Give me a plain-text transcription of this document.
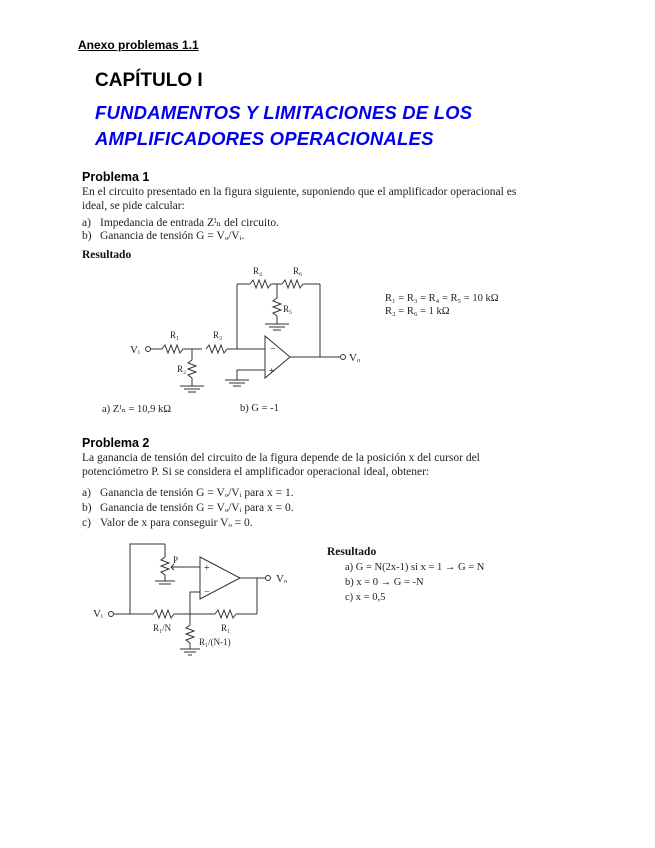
Anexo problemas 1.1
CAPÍTULO I
FUNDAMENTOS Y LIMITACIONES DE LOS
AMPLIFICADORES OPERACIONALES
Problema 1
En el circuito presentado en la figura siguiente, suponiendo que el amplificador operacional es ideal, se pide calcular:
a) Impedancia de entrada Zᴵₙ del circuito.
b) Ganancia de tensión G = Vₒ/Vᵢ.
Resultado
Vᵢ
R₁
R₂
R₃
−
+
Vₒ
R₄	R₆
R₅
R₁ = R₃ = R₄ = R₅ = 10 kΩ
R₂ = R₆ = 1 kΩ
a) Zᴵₙ = 10,9 kΩ	b) G = -1
Problema 2
La ganancia de tensión del circuito de la figura depende de la posición x del cursor del potenciómetro P. Si se considera el amplificador operacional ideal, obtener:
a) Ganancia de tensión G = Vₒ/Vᵢ para x = 1.
b) Ganancia de tensión G = Vₒ/Vᵢ para x = 0.
c) Valor de x para conseguir Vₒ = 0.
Vᵢ
P
+
−
Vₒ
R₁/N	R₁
R₁/(N-1)
Resultado
a) G = N(2x-1) si x = 1 → G = N
b) x = 0 → G = -N
c) x = 0,5
